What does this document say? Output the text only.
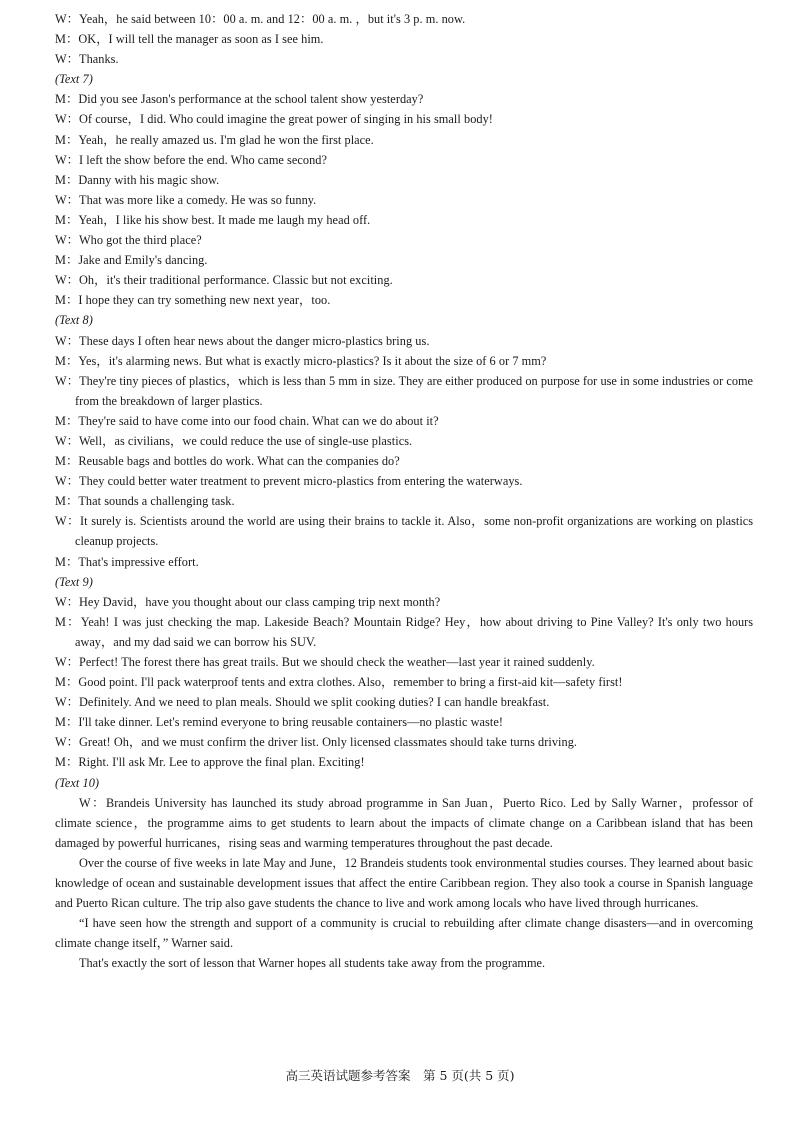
W：Yeah，he said between 10：00 a. m. and 12：00 a. m. ，but it's 3 p. m. now.
M：OK，I will tell the manager as soon as I see him.
W：Thanks.
(Text 7)
M：Did you see Jason's performance at the school talent show yesterday?
W：Of course，I did. Who could imagine the great power of singing in his small body!
M：Yeah，he really amazed us. I'm glad he won the first place.
W：I left the show before the end. Who came second?
M：Danny with his magic show.
W：That was more like a comedy. He was so funny.
M：Yeah，I like his show best. It made me laugh my head off.
W：Who got the third place?
M：Jake and Emily's dancing.
W：Oh，it's their traditional performance. Classic but not exciting.
M：I hope they can try something new next year，too.
(Text 8)
W：These days I often hear news about the danger micro-plastics bring us.
M：Yes，it's alarming news. But what is exactly micro-plastics? Is it about the size of 6 or 7 mm?
W：They're tiny pieces of plastics，which is less than 5 mm in size. They are either produced on purpose for use in some industries or come from the breakdown of larger plastics.
M：They're said to have come into our food chain. What can we do about it?
W：Well，as civilians，we could reduce the use of single-use plastics.
M：Reusable bags and bottles do work. What can the companies do?
W：They could better water treatment to prevent micro-plastics from entering the waterways.
M：That sounds a challenging task.
W：It surely is. Scientists around the world are using their brains to tackle it. Also，some non-profit organizations are working on plastics cleanup projects.
M：That's impressive effort.
(Text 9)
W：Hey David，have you thought about our class camping trip next month?
M：Yeah! I was just checking the map. Lakeside Beach? Mountain Ridge? Hey，how about driving to Pine Valley? It's only two hours away，and my dad said we can borrow his SUV.
W：Perfect! The forest there has great trails. But we should check the weather—last year it rained suddenly.
M：Good point. I'll pack waterproof tents and extra clothes. Also，remember to bring a first-aid kit—safety first!
W：Definitely. And we need to plan meals. Should we split cooking duties? I can handle breakfast.
M：I'll take dinner. Let's remind everyone to bring reusable containers—no plastic waste!
W：Great! Oh，and we must confirm the driver list. Only licensed classmates should take turns driving.
M：Right. I'll ask Mr. Lee to approve the final plan. Exciting!
(Text 10)
W：Brandeis University has launched its study abroad programme in San Juan，Puerto Rico. Led by Sally Warner，professor of climate science，the programme aims to get students to learn about the impacts of climate change on a Caribbean island that has been damaged by powerful hurricanes，rising seas and warming temperatures throughout the past decade.
Over the course of five weeks in late May and June，12 Brandeis students took environmental studies courses. They learned about basic knowledge of ocean and sustainable development issues that affect the entire Caribbean region. They also took a course in Spanish language and Puerto Rican culture. The trip also gave students the chance to live and work among locals who have lived through hurricanes.
“I have seen how the strength and support of a community is crucial to rebuilding after climate change disasters—and in overcoming climate change itself，” Warner said.
That's exactly the sort of lesson that Warner hopes all students take away from the programme.
高三英语试题参考答案　第 5 页(共 5 页)
